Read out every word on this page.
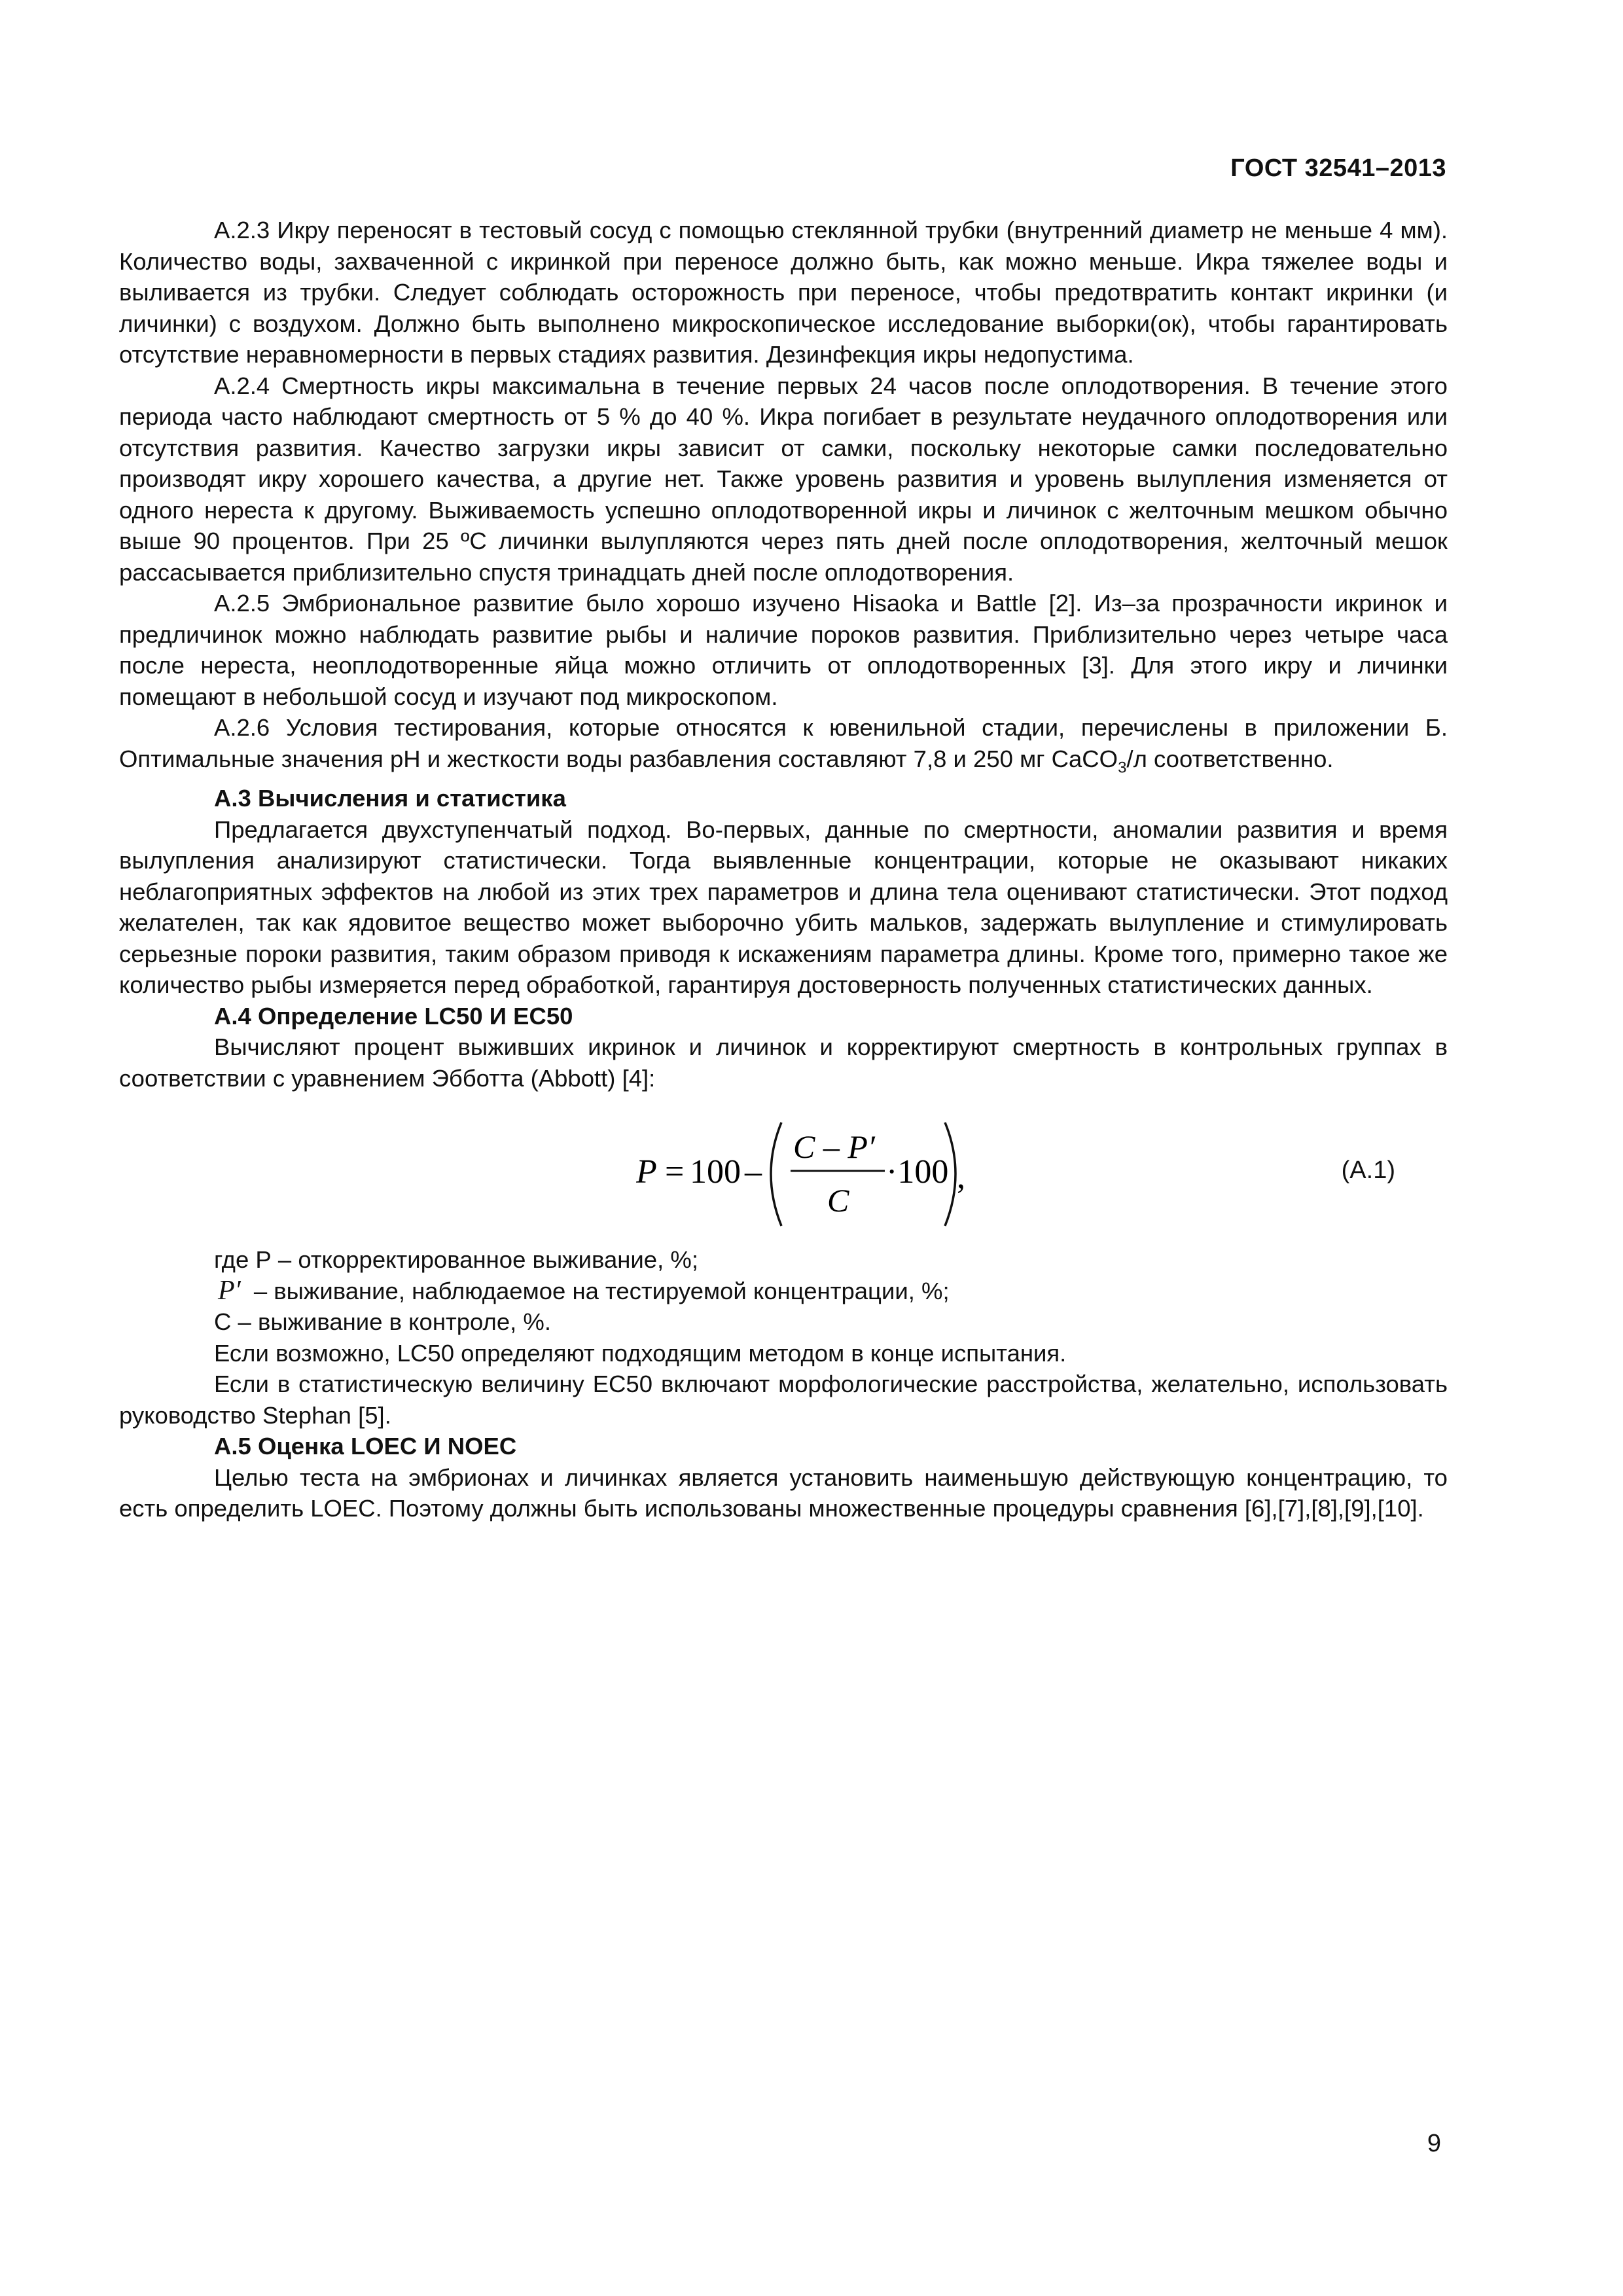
ГОСТ 32541–2013

А.2.3 Икру переносят в тестовый сосуд с помощью стеклянной трубки (внутренний диаметр не меньше 4 мм). Количество воды, захваченной с икринкой при переносе должно быть, как можно меньше. Икра тяжелее воды и выливается из трубки. Следует соблюдать осторожность при переносе, чтобы предотвратить контакт икринки (и личинки) с воздухом. Должно быть выполнено микроскопическое исследование выборки(ок), чтобы гарантировать отсутствие неравномерности в первых стадиях развития. Дезинфекция икры недопустима.

А.2.4 Смертность икры максимальна в течение первых 24 часов после оплодотворения. В течение этого периода часто наблюдают смертность от 5 % до 40 %. Икра погибает в результате неудачного оплодотворения или отсутствия развития. Качество загрузки икры зависит от самки, поскольку некоторые самки последовательно производят икру хорошего качества, а другие нет. Также уровень развития и уровень вылупления изменяется от одного нереста к другому. Выживаемость успешно оплодотворенной икры и личинок с желточным мешком обычно выше 90 процентов. При 25 ºС личинки вылупляются через пять дней после оплодотворения, желточный мешок рассасывается приблизительно спустя тринадцать дней после оплодотворения.

А.2.5 Эмбриональное развитие было хорошо изучено Hisaoka и Battle [2]. Из–за прозрачности икринок и предличинок можно наблюдать развитие рыбы и наличие пороков развития. Приблизительно через четыре часа после нереста, неоплодотворенные яйца можно отличить от оплодотворенных [3]. Для этого икру и личинки помещают в небольшой сосуд и изучают под микроскопом.

А.2.6 Условия тестирования, которые относятся к ювенильной стадии, перечислены в приложении Б. Оптимальные значения рН и жесткости воды разбавления составляют 7,8 и 250 мг CaCO$_3$/л соответственно.

А.3 Вычисления и статистика

Предлагается двухступенчатый подход. Во-первых, данные по смертности, аномалии развития и время вылупления анализируют статистически. Тогда выявленные концентрации, которые не оказывают никаких неблагоприятных эффектов на любой из этих трех параметров и длина тела оценивают статистически. Этот подход желателен, так как ядовитое вещество может выборочно убить мальков, задержать вылупление и стимулировать серьезные пороки развития, таким образом приводя к искажениям параметра длины. Кроме того, примерно такое же количество рыбы измеряется перед обработкой, гарантируя достоверность полученных статистических данных.

А.4 Определение LC50 И ЕС50

Вычисляют процент выживших икринок и личинок и корректируют смертность в контрольных группах в соответствии с уравнением Эбботта (Abbott) [4]:

P = 100 –
C – P′
C
·100 ,	(А.1)

где Р – откорректированное выживание, %;

P′ – выживание, наблюдаемое на тестируемой концентрации, %;

С – выживание в контроле, %.

Если возможно, LC50 определяют подходящим методом в конце испытания.

Если в статистическую величину ЕС50 включают морфологические расстройства, желательно, использовать руководство Stephan [5].

А.5 Оценка LOEC И NOEC

Целью теста на эмбрионах и личинках является установить наименьшую действующую концентрацию, то есть определить LOEC. Поэтому должны быть использованы множественные процедуры сравнения [6],[7],[8],[9],[10].

9
